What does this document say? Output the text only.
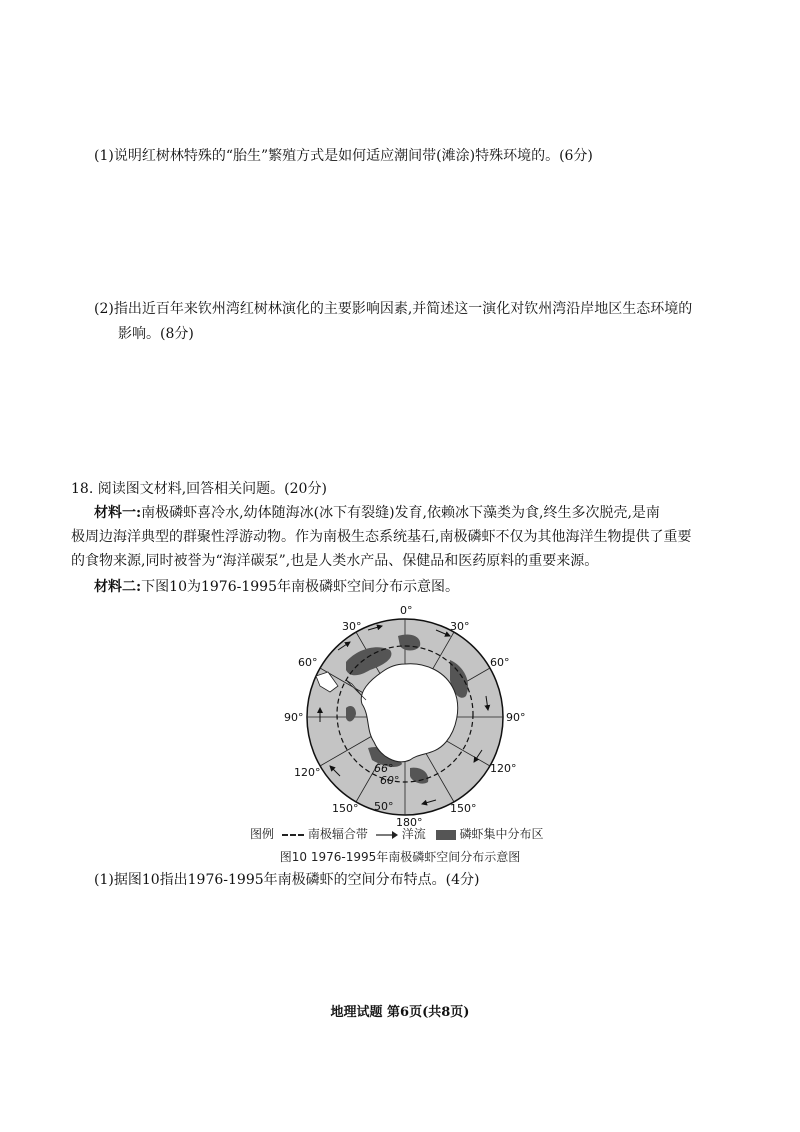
(1)说明红树林特殊的“胎生”繁殖方式是如何适应潮间带(滩涂)特殊环境的。(6分)
(2)指出近百年来钦州湾红树林演化的主要影响因素,并简述这一演化对钦州湾沿岸地区生态环境的
影响。(8分)
18. 阅读图文材料,回答相关问题。(20分)
材料一:南极磷虾喜冷水,幼体随海冰(冰下有裂缝)发育,依赖冰下藻类为食,终生多次脱壳,是南
极周边海洋典型的群聚性浮游动物。作为南极生态系统基石,南极磷虾不仅为其他海洋生物提供了重要
的食物来源,同时被誉为“海洋碳泵”,也是人类水产品、保健品和医药原料的重要来源。
材料二:下图10为1976-1995年南极磷虾空间分布示意图。
0°
30°	30°
60°	60°
90°	90°
120°	120°
150°	150°
180°
50°
66°
60°
图例	南极辐合带	洋流	磷虾集中分布区
图10 1976-1995年南极磷虾空间分布示意图
(1)据图10指出1976-1995年南极磷虾的空间分布特点。(4分)
地理试题 第6页(共8页)
